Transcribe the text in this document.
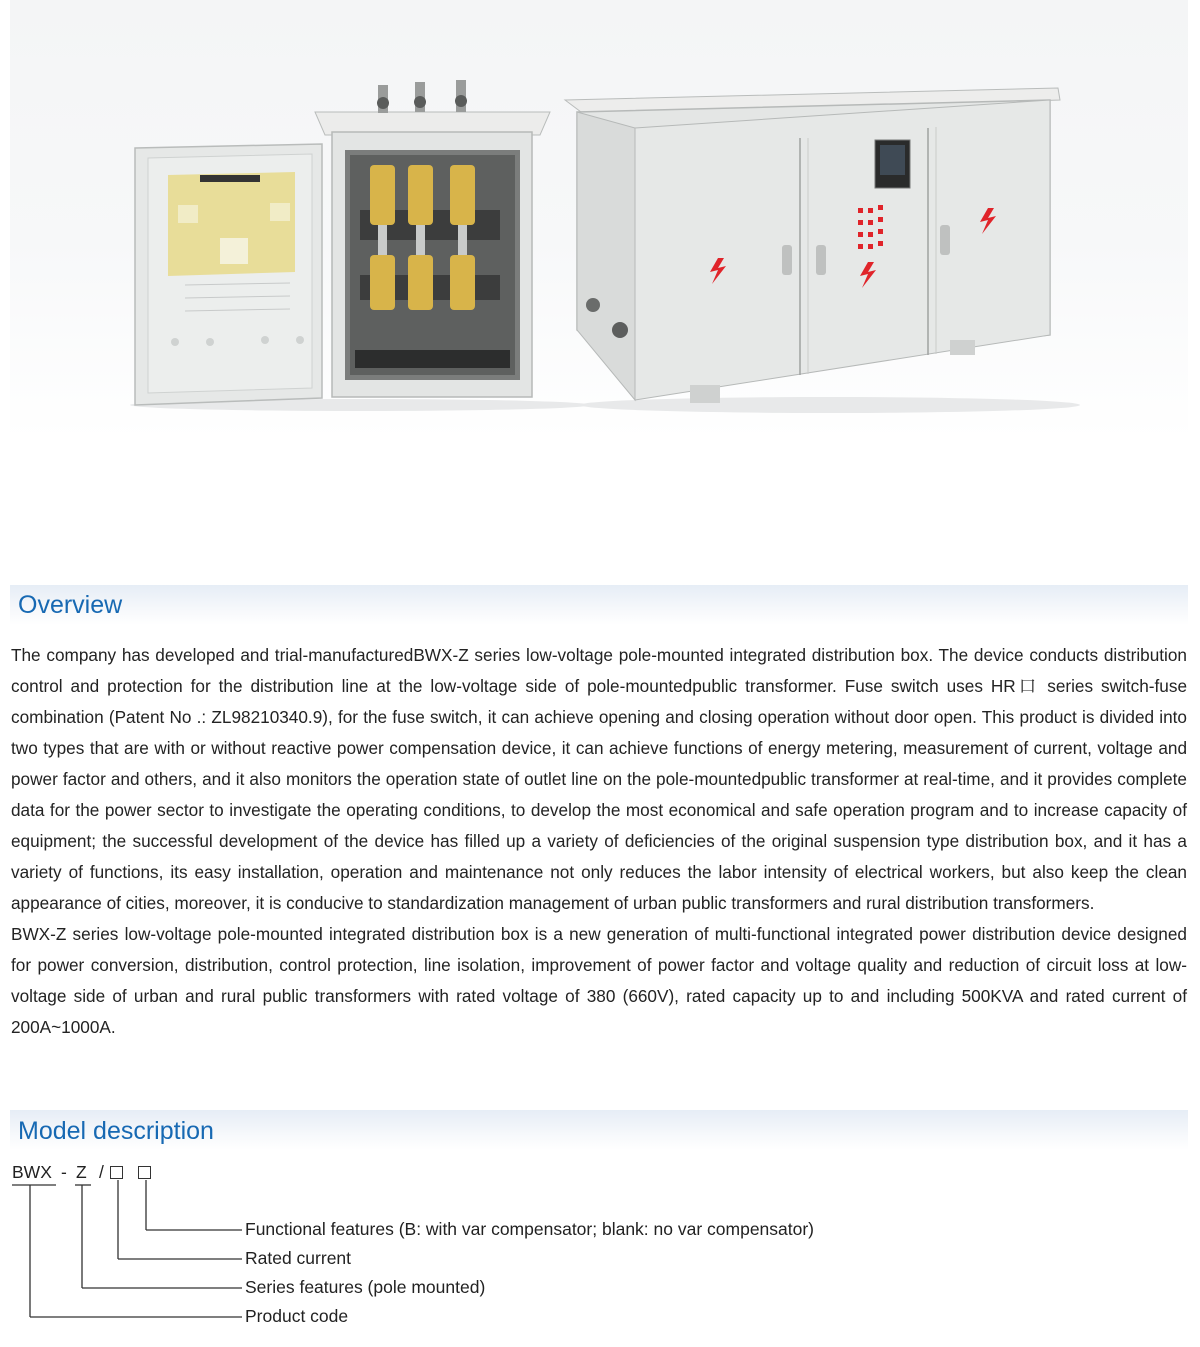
Overview

The company has developed and trial-manufacturedBWX-Z series low-voltage pole-mounted integrated distribution box. The device conducts distribution control and protection for the distribution line at the low-voltage side of pole-mountedpublic transformer. Fuse switch uses HR口 series switch-fuse combination (Patent No .: ZL98210340.9), for the fuse switch, it can achieve opening and closing operation without door open. This product is divided into two types that are with or without reactive power compensation device, it can achieve functions of energy metering, measurement of current, voltage and power factor and others, and it also monitors the operation state of outlet line on the pole-mountedpublic transformer at real-time, and it provides complete data for the power sector to investigate the operating conditions, to develop the most economical and safe operation program and to increase capacity of equipment; the successful development of the device has filled up a variety of deficiencies of the original suspension type distribution box, and it has a variety of functions, its easy installation, operation and maintenance not only reduces the labor intensity of electrical workers, but also keep the clean appearance of cities, moreover, it is conducive to standardization management of urban public transformers and rural distribution transformers.

BWX-Z series low-voltage pole-mounted integrated distribution box is a new generation of multi-functional integrated power distribution device designed for power conversion, distribution, control protection, line isolation, improvement of power factor and voltage quality and reduction of circuit loss at low-voltage side of urban and rural public transformers with rated voltage of 380 (660V), rated capacity up to and including 500KVA and rated current of 200A~1000A.

Model description
BWX - Z /
Functional features (B: with var compensator; blank: no var compensator)
Rated current
Series features (pole mounted)
Product code
